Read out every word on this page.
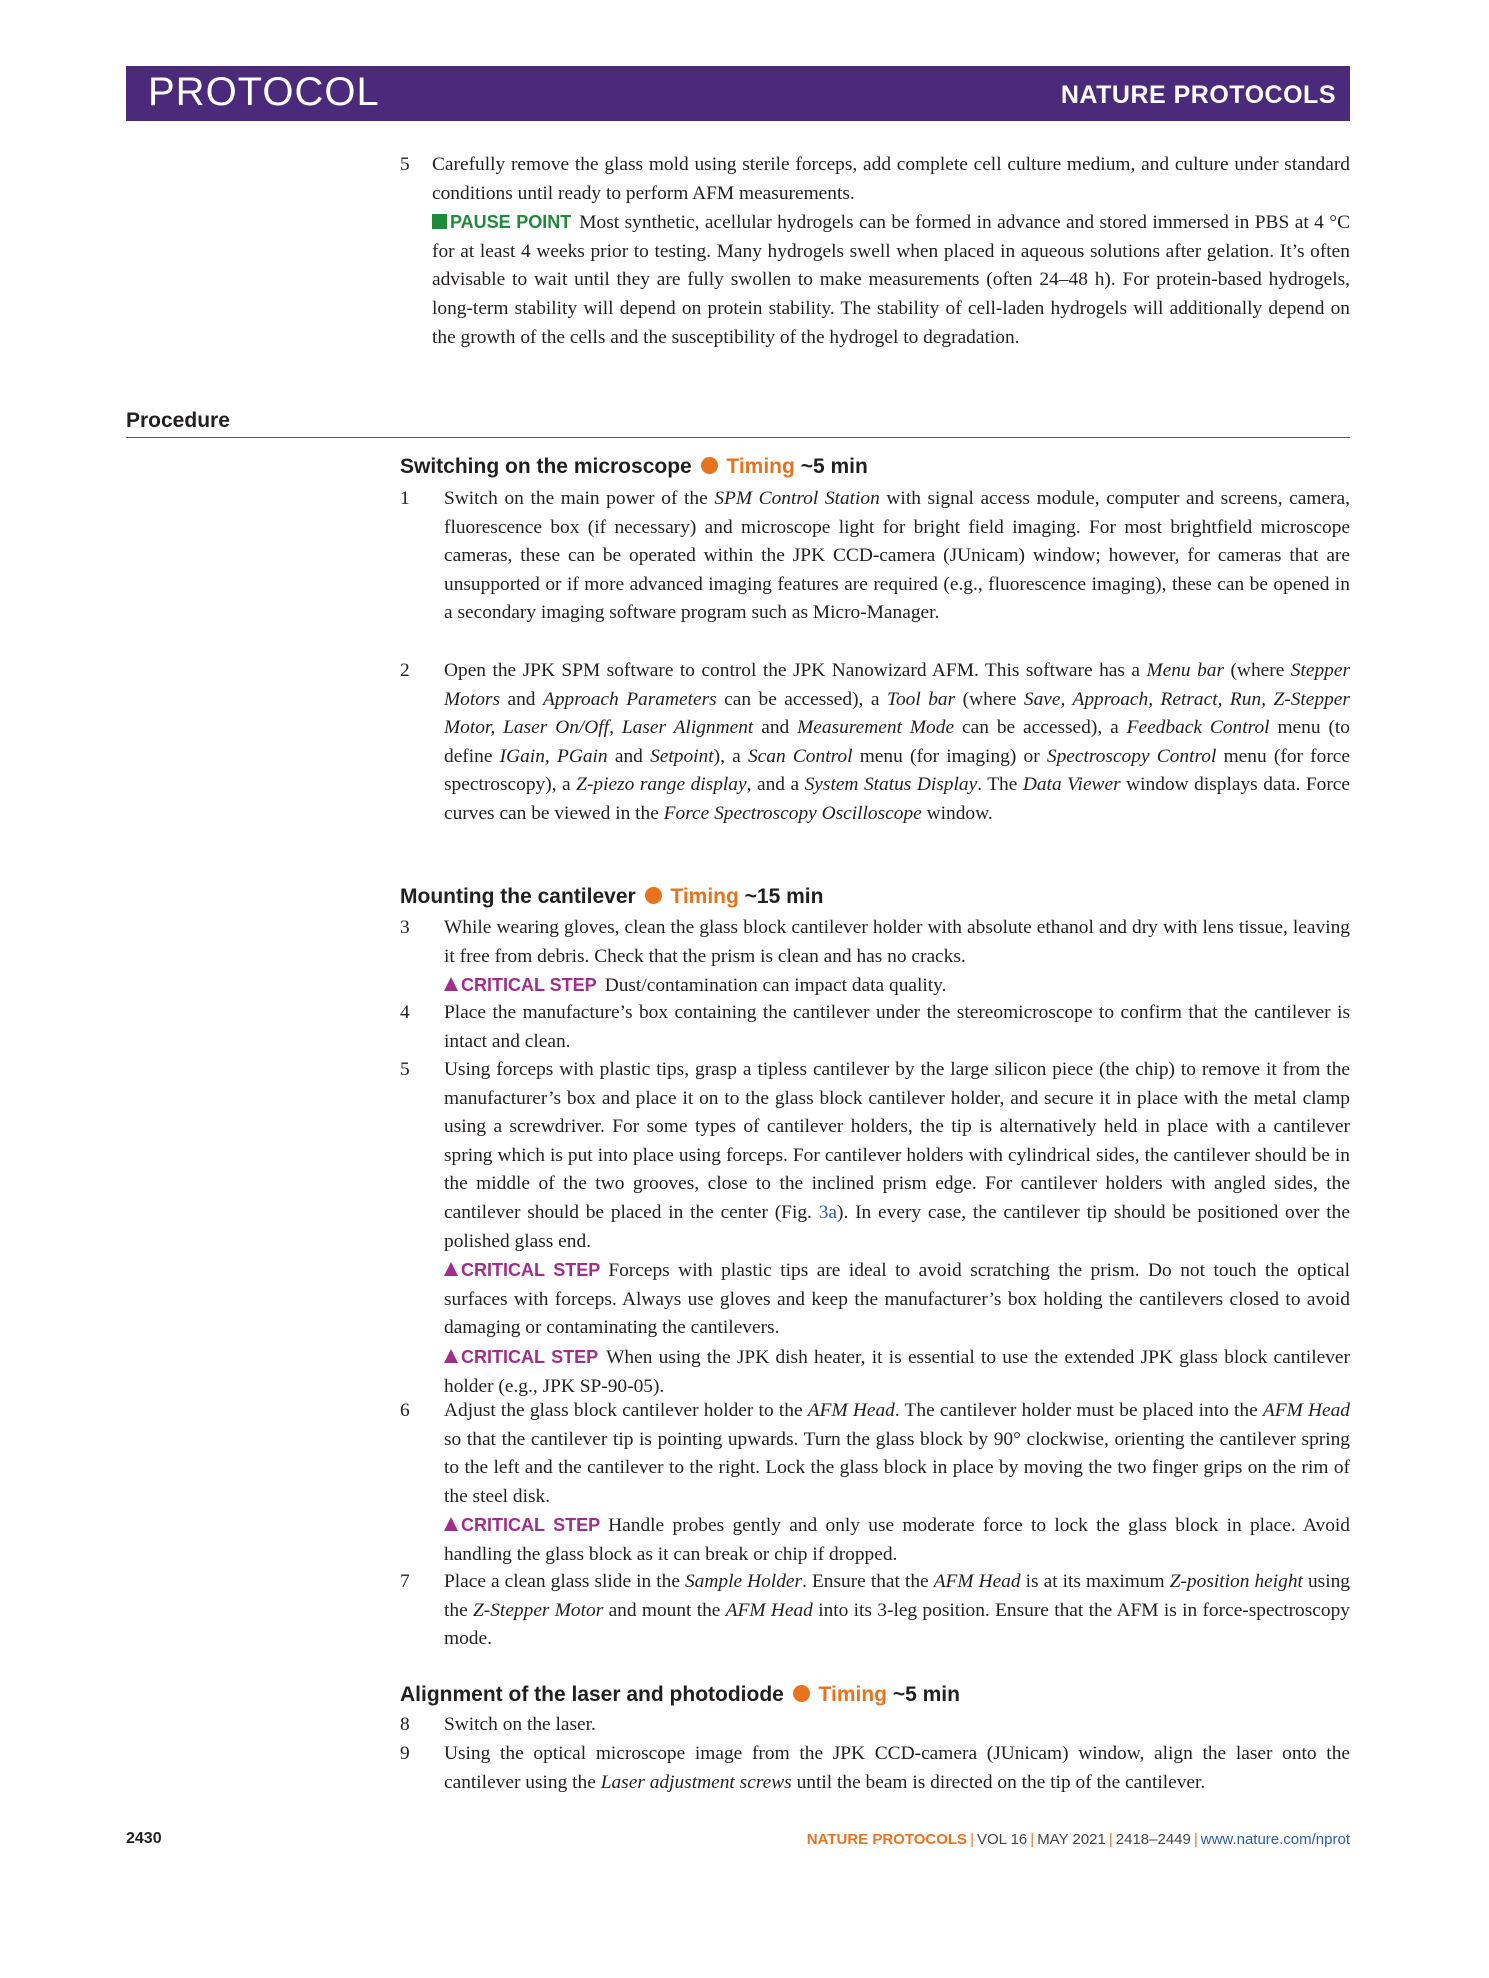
PROTOCOL	NATURE PROTOCOLS
5 Carefully remove the glass mold using sterile forceps, add complete cell culture medium, and culture under standard conditions until ready to perform AFM measurements.
PAUSE POINT Most synthetic, acellular hydrogels can be formed in advance and stored immersed in PBS at 4 °C for at least 4 weeks prior to testing. Many hydrogels swell when placed in aqueous solutions after gelation. It’s often advisable to wait until they are fully swollen to make measurements (often 24–48 h). For protein-based hydrogels, long-term stability will depend on protein stability. The stability of cell-laden hydrogels will additionally depend on the growth of the cells and the susceptibility of the hydrogel to degradation.
Procedure
Switching on the microscope Timing ~5 min
1 Switch on the main power of the SPM Control Station with signal access module, computer and screens, camera, fluorescence box (if necessary) and microscope light for bright field imaging. For most brightfield microscope cameras, these can be operated within the JPK CCD-camera (JUnicam) window; however, for cameras that are unsupported or if more advanced imaging features are required (e.g., fluorescence imaging), these can be opened in a secondary imaging software program such as Micro-Manager.
2 Open the JPK SPM software to control the JPK Nanowizard AFM. This software has a Menu bar (where Stepper Motors and Approach Parameters can be accessed), a Tool bar (where Save, Approach, Retract, Run, Z-Stepper Motor, Laser On/Off, Laser Alignment and Measurement Mode can be accessed), a Feedback Control menu (to define IGain, PGain and Setpoint), a Scan Control menu (for imaging) or Spectroscopy Control menu (for force spectroscopy), a Z-piezo range display, and a System Status Display. The Data Viewer window displays data. Force curves can be viewed in the Force Spectroscopy Oscilloscope window.
Mounting the cantilever Timing ~15 min
3 While wearing gloves, clean the glass block cantilever holder with absolute ethanol and dry with lens tissue, leaving it free from debris. Check that the prism is clean and has no cracks.
CRITICAL STEP Dust/contamination can impact data quality.
4 Place the manufacture’s box containing the cantilever under the stereomicroscope to confirm that the cantilever is intact and clean.
5 Using forceps with plastic tips, grasp a tipless cantilever by the large silicon piece (the chip) to remove it from the manufacturer’s box and place it on to the glass block cantilever holder, and secure it in place with the metal clamp using a screwdriver. For some types of cantilever holders, the tip is alternatively held in place with a cantilever spring which is put into place using forceps. For cantilever holders with cylindrical sides, the cantilever should be in the middle of the two grooves, close to the inclined prism edge. For cantilever holders with angled sides, the cantilever should be placed in the center (Fig. 3a). In every case, the cantilever tip should be positioned over the polished glass end.
CRITICAL STEP Forceps with plastic tips are ideal to avoid scratching the prism. Do not touch the optical surfaces with forceps. Always use gloves and keep the manufacturer’s box holding the cantilevers closed to avoid damaging or contaminating the cantilevers.
CRITICAL STEP When using the JPK dish heater, it is essential to use the extended JPK glass block cantilever holder (e.g., JPK SP-90-05).
6 Adjust the glass block cantilever holder to the AFM Head. The cantilever holder must be placed into the AFM Head so that the cantilever tip is pointing upwards. Turn the glass block by 90° clockwise, orienting the cantilever spring to the left and the cantilever to the right. Lock the glass block in place by moving the two finger grips on the rim of the steel disk.
CRITICAL STEP Handle probes gently and only use moderate force to lock the glass block in place. Avoid handling the glass block as it can break or chip if dropped.
7 Place a clean glass slide in the Sample Holder. Ensure that the AFM Head is at its maximum Z-position height using the Z-Stepper Motor and mount the AFM Head into its 3-leg position. Ensure that the AFM is in force-spectroscopy mode.
Alignment of the laser and photodiode Timing ~5 min
8 Switch on the laser.
9 Using the optical microscope image from the JPK CCD-camera (JUnicam) window, align the laser onto the cantilever using the Laser adjustment screws until the beam is directed on the tip of the cantilever.
2430	NATURE PROTOCOLS | VOL 16 | MAY 2021 | 2418–2449 | www.nature.com/nprot
